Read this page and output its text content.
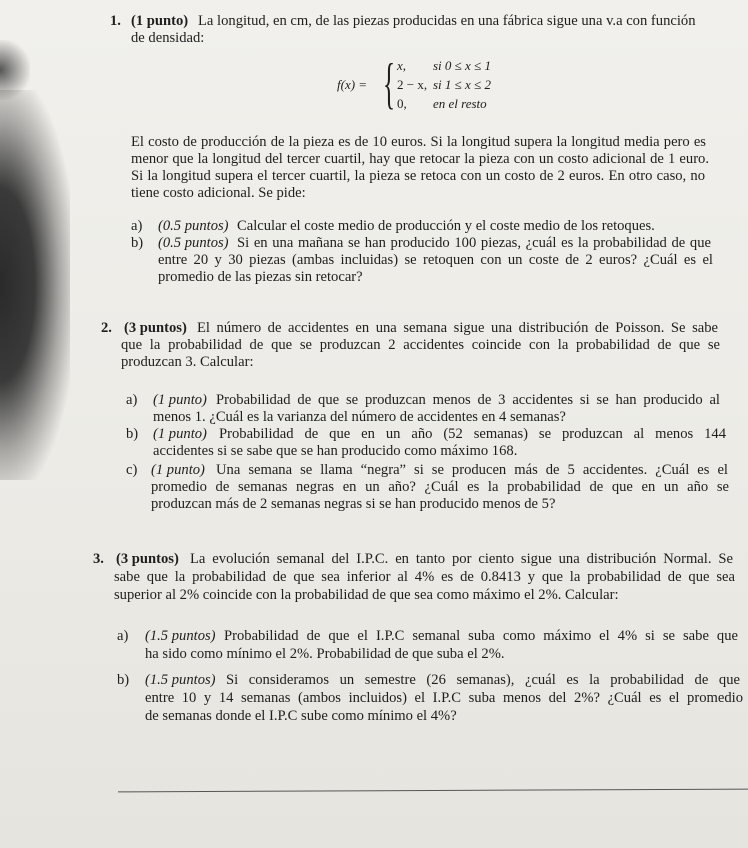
1. (1 punto) La longitud, en cm, de las piezas producidas en una fábrica sigue una v.a con función
de densidad:
f(x) = { x, si 0 ≤ x ≤ 1
2 − x, si 1 ≤ x ≤ 2
0, en el resto
El costo de producción de la pieza es de 10 euros. Si la longitud supera la longitud media pero es
menor que la longitud del tercer cuartil, hay que retocar la pieza con un costo adicional de 1 euro.
Si la longitud supera el tercer cuartil, la pieza se retoca con un costo de 2 euros. En otro caso, no
tiene costo adicional. Se pide:
a) (0.5 puntos) Calcular el coste medio de producción y el coste medio de los retoques.
b) (0.5 puntos) Si en una mañana se han producido 100 piezas, ¿cuál es la probabilidad de que
entre 20 y 30 piezas (ambas incluidas) se retoquen con un coste de 2 euros? ¿Cuál es el
promedio de las piezas sin retocar?
2. (3 puntos) El número de accidentes en una semana sigue una distribución de Poisson. Se sabe
que la probabilidad de que se produzcan 2 accidentes coincide con la probabilidad de que se
produzcan 3. Calcular:
a) (1 punto) Probabilidad de que se produzcan menos de 3 accidentes si se han producido al
menos 1. ¿Cuál es la varianza del número de accidentes en 4 semanas?
b) (1 punto) Probabilidad de que en un año (52 semanas) se produzcan al menos 144
accidentes si se sabe que se han producido como máximo 168.
c) (1 punto) Una semana se llama “negra” si se producen más de 5 accidentes. ¿Cuál es el
promedio de semanas negras en un año? ¿Cuál es la probabilidad de que en un año se
produzcan más de 2 semanas negras si se han producido menos de 5?
3. (3 puntos) La evolución semanal del I.P.C. en tanto por ciento sigue una distribución Normal. Se
sabe que la probabilidad de que sea inferior al 4% es de 0.8413 y que la probabilidad de que sea
superior al 2% coincide con la probabilidad de que sea como máximo el 2%. Calcular:
a) (1.5 puntos) Probabilidad de que el I.P.C semanal suba como máximo el 4% si se sabe que
ha sido como mínimo el 2%. Probabilidad de que suba el 2%.
b) (1.5 puntos) Si consideramos un semestre (26 semanas), ¿cuál es la probabilidad de que
entre 10 y 14 semanas (ambos incluidos) el I.P.C suba menos del 2%? ¿Cuál es el promedio
de semanas donde el I.P.C sube como mínimo el 4%?
